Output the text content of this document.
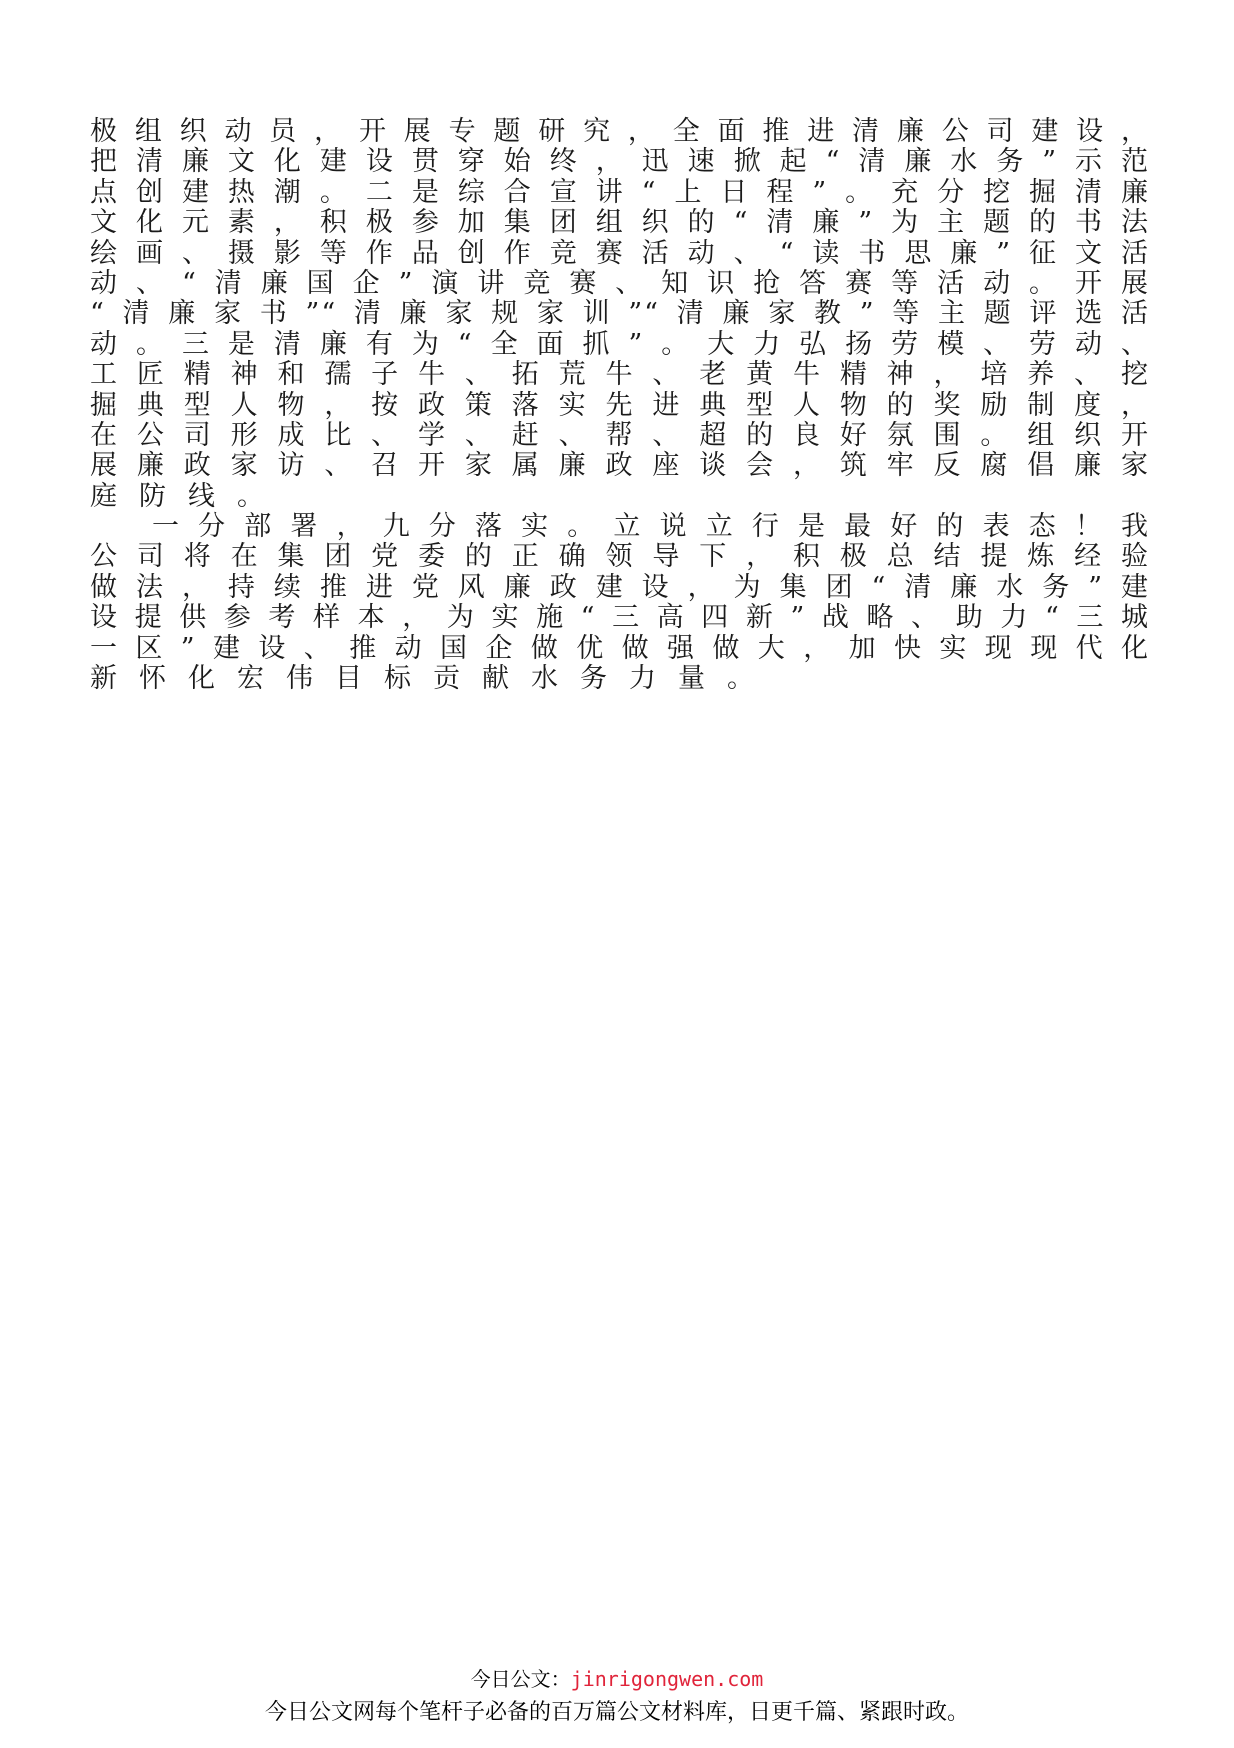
极组织动员，开展专题研究，全面推进清廉公司建设，
把清廉文化建设贯穿始终，迅速掀起“清廉水务”示范
点创建热潮。二是综合宣讲“上日程”。充分挖掘清廉
文化元素，积极参加集团组织的“清廉”为主题的书法
绘画、摄影等作品创作竞赛活动、“读书思廉”征文活
动、“清廉国企”演讲竞赛、知识抢答赛等活动。开展
“清廉家书”“清廉家规家训”“清廉家教”等主题评选活
动。三是清廉有为“全面抓”。大力弘扬劳模、劳动、
工匠精神和孺子牛、拓荒牛、老黄牛精神，培养、挖
掘典型人物，按政策落实先进典型人物的奖励制度，
在公司形成比、学、赶、帮、超的良好氛围。组织开
展廉政家访、召开家属廉政座谈会，筑牢反腐倡廉家
庭防线。
一分部署，九分落实。立说立行是最好的表态！我
公司将在集团党委的正确领导下，积极总结提炼经验
做法，持续推进党风廉政建设，为集团“清廉水务”建
设提供参考样本，为实施“三高四新”战略、助力“三城
一区”建设、推动国企做优做强做大，加快实现现代化
新怀化宏伟目标贡献水务力量。
今日公文：jinrigongwen.com
今日公文网每个笔杆子必备的百万篇公文材料库，日更千篇、紧跟时政。
